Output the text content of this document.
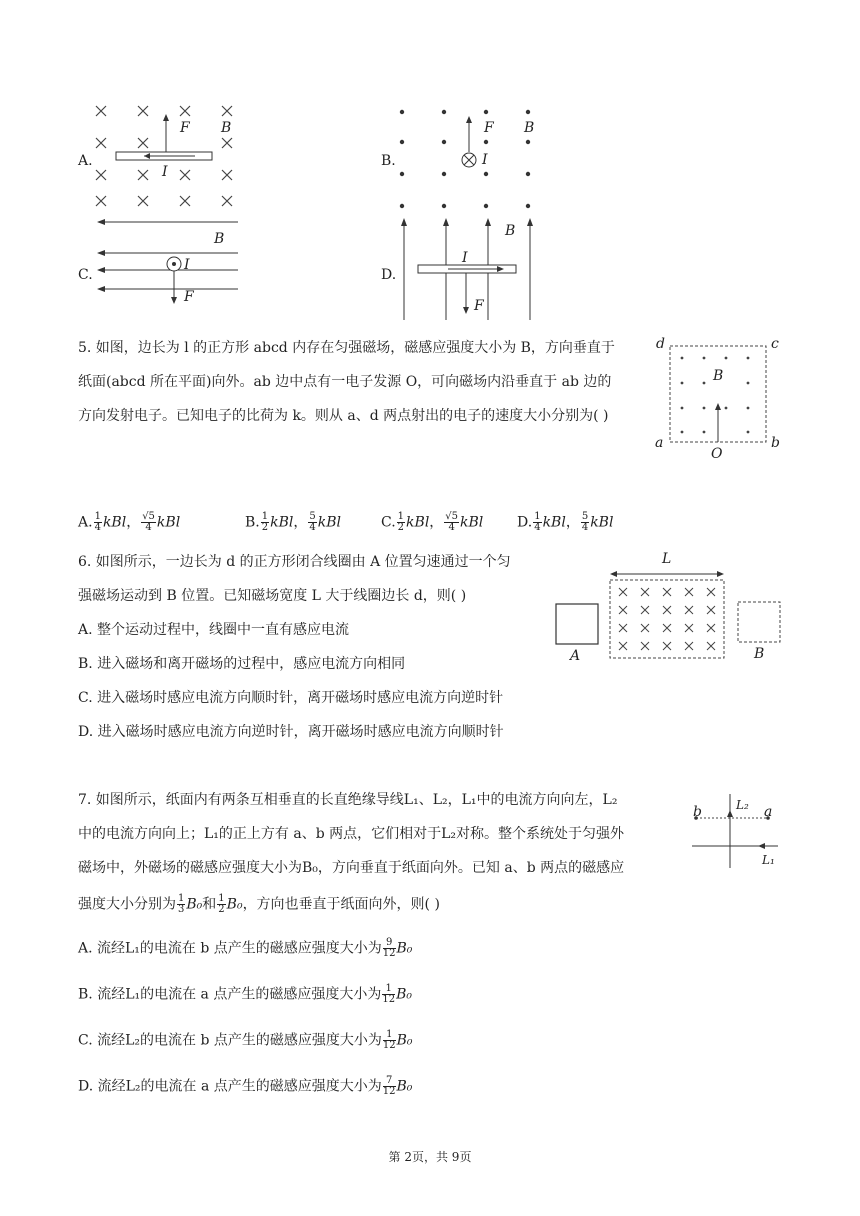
A.
F B
I
B.
F B
I
C.
B
I
F
D.
B
I
F
5. 如图，边长为 l 的正方形 abcd 内存在匀强磁场，磁感应强度大小为 B，方向垂直于
纸面(abcd 所在平面)向外。ab 边中点有一电子发源 O，可向磁场内沿垂直于 ab 边的
方向发射电子。已知电子的比荷为 k。则从 a、d 两点射出的电子的速度大小分别为( )
d	c
B
a	b
O
A. $\frac{1}{4}$ kBl， $\frac{√5}{4}$ kBl	B. $\frac{1}{2}$ kBl， $\frac{5}{4}$ kBl	C. $\frac{1}{2}$ kBl， $\frac{√5}{4}$ kBl D. $\frac{1}{4}$ kBl， $\frac{5}{4}$ kBl
6. 如图所示，一边长为 d 的正方形闭合线圈由 A 位置匀速通过一个匀
强磁场运动到 B 位置。已知磁场宽度 L 大于线圈边长 d，则( )
A. 整个运动过程中，线圈中一直有感应电流
B. 进入磁场和离开磁场的过程中，感应电流方向相同
C. 进入磁场时感应电流方向顺时针，离开磁场时感应电流方向逆时针
D. 进入磁场时感应电流方向逆时针，离开磁场时感应电流方向顺时针
L
A	B
7. 如图所示，纸面内有两条互相垂直的长直绝缘导线L₁、L₂，L₁中的电流方向向左，L₂
中的电流方向向上；L₁的正上方有 a、b 两点，它们相对于L₂对称。整个系统处于匀强外
磁场中，外磁场的磁感应强度大小为B₀，方向垂直于纸面向外。已知 a、b 两点的磁感应
强度大小分别为 $\frac{1}{3} B_0$和 $\frac{1}{2} B_0$，方向也垂直于纸面向外，则( )
A. 流经L₁的电流在 b 点产生的磁感应强度大小为 $\frac{9}{12} B_0$
B. 流经L₁的电流在 a 点产生的磁感应强度大小为 $\frac{1}{12} B_0$
C. 流经L₂的电流在 b 点产生的磁感应强度大小为 $\frac{1}{12} B_0$
D. 流经L₂的电流在 a 点产生的磁感应强度大小为 $\frac{7}{12} B_0$
b	L₂ a
L₁
第 2页，共 9页
